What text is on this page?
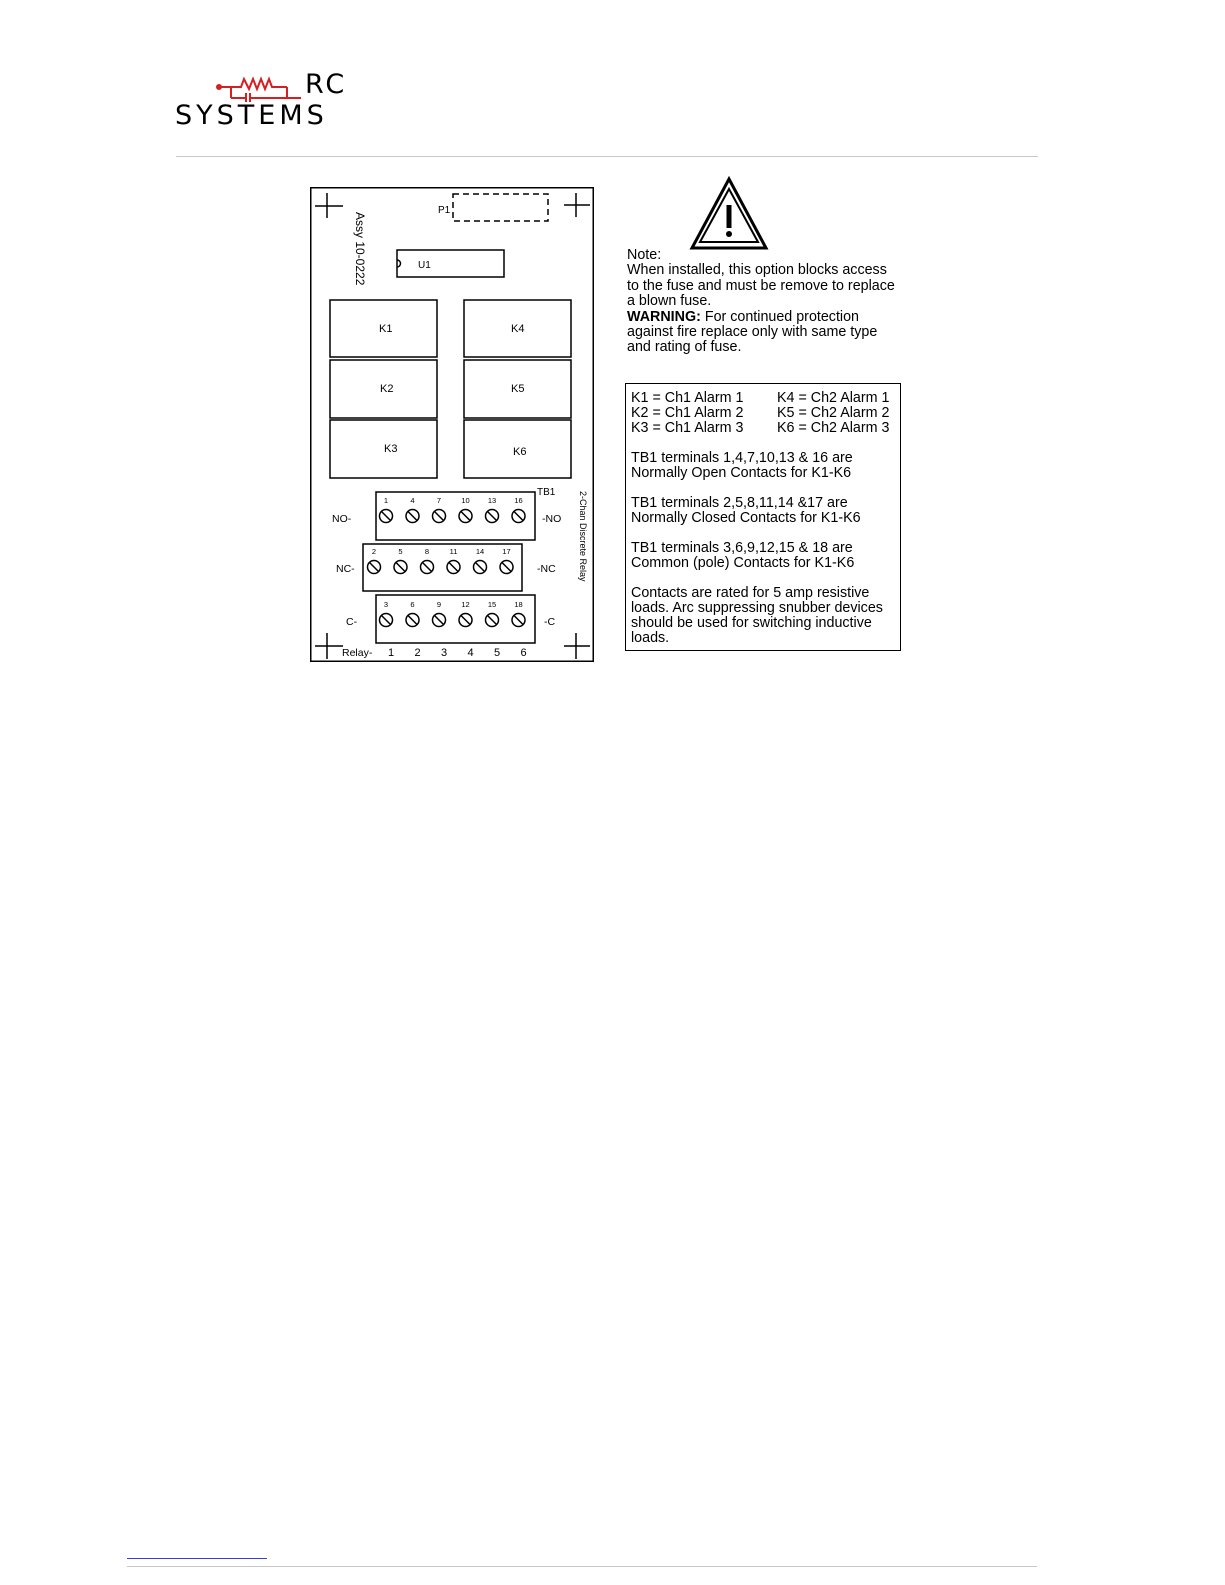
RC
SYSTEMS
P1
Assy 10-0222	U1
K1
K2
K3
K4
K5
K6
2-Chan Discrete Relay
TB1
1	4	7	10 13 16
2	5	8	11 14 17
3	6	9	12 15 18
NO-	-NO
NC-	-NC
C-	-C
Relay- 1 2 3 4 5 6
Note:
When installed, this option blocks access
to the fuse and must be remove to replace
a blown fuse.
WARNING: For continued protection
against fire replace only with same type
and rating of fuse.
K1 = Ch1 Alarm 1	K4 = Ch2 Alarm 1
K2 = Ch1 Alarm 2	K5 = Ch2 Alarm 2
K3 = Ch1 Alarm 3	K6 = Ch2 Alarm 3
TB1 terminals 1,4,7,10,13 & 16 are
Normally Open Contacts for K1-K6
TB1 terminals 2,5,8,11,14 &17 are
Normally Closed Contacts for K1-K6
TB1 terminals 3,6,9,12,15 & 18 are
Common (pole) Contacts for K1-K6
Contacts are rated for 5 amp resistive
loads. Arc suppressing snubber devices
should be used for switching inductive
loads.
